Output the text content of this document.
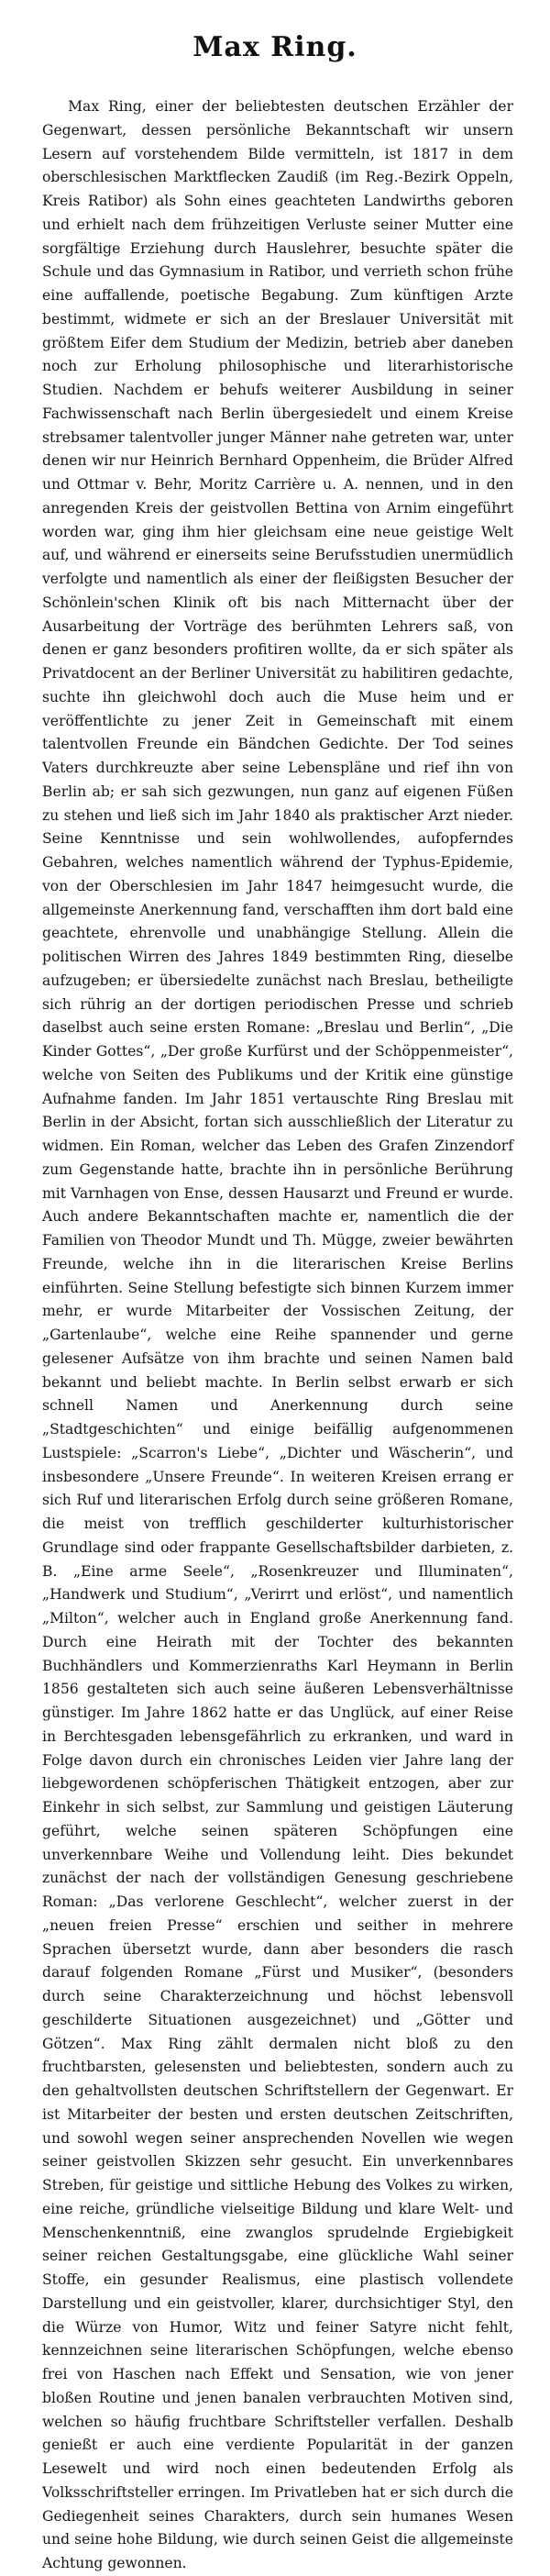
Max Ring.

Max Ring, einer der beliebtesten deutschen Erzähler der Gegenwart, dessen persönliche Bekanntschaft wir unsern Lesern auf vorstehendem Bilde vermitteln, ist 1817 in dem oberschlesischen Marktflecken Zaudiß (im Reg.-Bezirk Oppeln, Kreis Ratibor) als Sohn eines geachteten Landwirths geboren und erhielt nach dem frühzeitigen Verluste seiner Mutter eine sorgfältige Erziehung durch Hauslehrer, besuchte später die Schule und das Gymnasium in Ratibor, und verrieth schon frühe eine auffallende, poetische Begabung. Zum künftigen Arzte bestimmt, widmete er sich an der Breslauer Universität mit größtem Eifer dem Studium der Medizin, betrieb aber daneben noch zur Erholung philosophische und literarhistorische Studien. Nachdem er behufs weiterer Ausbildung in seiner Fachwissenschaft nach Berlin übergesiedelt und einem Kreise strebsamer talentvoller junger Männer nahe getreten war, unter denen wir nur Heinrich Bernhard Oppenheim, die Brüder Alfred und Ottmar v. Behr, Moritz Carrière u. A. nennen, und in den anregenden Kreis der geistvollen Bettina von Arnim eingeführt worden war, ging ihm hier gleichsam eine neue geistige Welt auf, und während er einerseits seine Berufsstudien unermüdlich verfolgte und namentlich als einer der fleißigsten Besucher der Schönlein'schen Klinik oft bis nach Mitternacht über der Ausarbeitung der Vorträge des berühmten Lehrers saß, von denen er ganz besonders profitiren wollte, da er sich später als Privatdocent an der Berliner Universität zu habilitiren gedachte, suchte ihn gleichwohl doch auch die Muse heim und er veröffentlichte zu jener Zeit in Gemeinschaft mit einem talentvollen Freunde ein Bändchen Gedichte. Der Tod seines Vaters durchkreuzte aber seine Lebenspläne und rief ihn von Berlin ab; er sah sich gezwungen, nun ganz auf eigenen Füßen zu stehen und ließ sich im Jahr 1840 als praktischer Arzt nieder. Seine Kenntnisse und sein wohlwollendes, aufopferndes Gebahren, welches namentlich während der Typhus-Epidemie, von der Oberschlesien im Jahr 1847 heimgesucht wurde, die allgemeinste Anerkennung fand, verschafften ihm dort bald eine geachtete, ehrenvolle und unabhängige Stellung. Allein die politischen Wirren des Jahres 1849 bestimmten Ring, dieselbe aufzugeben; er übersiedelte zunächst nach Breslau, betheiligte sich rührig an der dortigen periodischen Presse und schrieb daselbst auch seine ersten Romane: „Breslau und Berlin“, „Die Kinder Gottes“, „Der große Kurfürst und der Schöppenmeister“, welche von Seiten des Publikums und der Kritik eine günstige Aufnahme fanden. Im Jahr 1851 vertauschte Ring Breslau mit Berlin in der Absicht, fortan sich ausschließlich der Literatur zu widmen. Ein Roman, welcher das Leben des Grafen Zinzendorf zum Gegenstande hatte, brachte ihn in persönliche Berührung mit Varnhagen von Ense, dessen Hausarzt und Freund er wurde. Auch andere Bekanntschaften machte er, namentlich die der Familien von Theodor Mundt und Th. Mügge, zweier bewährten Freunde, welche ihn in die literarischen Kreise Berlins einführten. Seine Stellung befestigte sich binnen Kurzem immer mehr, er wurde Mitarbeiter der Vossischen Zeitung, der „Gartenlaube“, welche eine Reihe spannender und gerne gelesener Aufsätze von ihm brachte und seinen Namen bald bekannt und beliebt machte. In Berlin selbst erwarb er sich schnell Namen und Anerkennung durch seine „Stadtgeschichten“ und einige beifällig aufgenommenen Lustspiele: „Scarron's Liebe“, „Dichter und Wäscherin“, und insbesondere „Unsere Freunde“. In weiteren Kreisen errang er sich Ruf und literarischen Erfolg durch seine größeren Romane, die meist von trefflich geschilderter kulturhistorischer Grundlage sind oder frappante Gesellschaftsbilder darbieten, z. B. „Eine arme Seele“, „Rosenkreuzer und Illuminaten“, „Handwerk und Studium“, „Verirrt und erlöst“, und namentlich „Milton“, welcher auch in England große Anerkennung fand. Durch eine Heirath mit der Tochter des bekannten Buchhändlers und Kommerzienraths Karl Heymann in Berlin 1856 gestalteten sich auch seine äußeren Lebensverhältnisse günstiger. Im Jahre 1862 hatte er das Unglück, auf einer Reise in Berchtesgaden lebensgefährlich zu erkranken, und ward in Folge davon durch ein chronisches Leiden vier Jahre lang der liebgewordenen schöpferischen Thätigkeit entzogen, aber zur Einkehr in sich selbst, zur Sammlung und geistigen Läuterung geführt, welche seinen späteren Schöpfungen eine unverkennbare Weihe und Vollendung leiht. Dies bekundet zunächst der nach der vollständigen Genesung geschriebene Roman: „Das verlorene Geschlecht“, welcher zuerst in der „neuen freien Presse“ erschien und seither in mehrere Sprachen übersetzt wurde, dann aber besonders die rasch darauf folgenden Romane „Fürst und Musiker“, (besonders durch seine Charakterzeichnung und höchst lebensvoll geschilderte Situationen ausgezeichnet) und „Götter und Götzen“. Max Ring zählt dermalen nicht bloß zu den fruchtbarsten, gelesensten und beliebtesten, sondern auch zu den gehaltvollsten deutschen Schriftstellern der Gegenwart. Er ist Mitarbeiter der besten und ersten deutschen Zeitschriften, und sowohl wegen seiner ansprechenden Novellen wie wegen seiner geistvollen Skizzen sehr gesucht. Ein unverkennbares Streben, für geistige und sittliche Hebung des Volkes zu wirken, eine reiche, gründliche vielseitige Bildung und klare Welt- und Menschenkenntniß, eine zwanglos sprudelnde Ergiebigkeit seiner reichen Gestaltungsgabe, eine glückliche Wahl seiner Stoffe, ein gesunder Realismus, eine plastisch vollendete Darstellung und ein geistvoller, klarer, durchsichtiger Styl, den die Würze von Humor, Witz und feiner Satyre nicht fehlt, kennzeichnen seine literarischen Schöpfungen, welche ebenso frei von Haschen nach Effekt und Sensation, wie von jener bloßen Routine und jenen banalen verbrauchten Motiven sind, welchen so häufig fruchtbare Schriftsteller verfallen. Deshalb genießt er auch eine verdiente Popularität in der ganzen Lesewelt und wird noch einen bedeutenden Erfolg als Volksschriftsteller erringen. Im Privatleben hat er sich durch die Gediegenheit seines Charakters, durch sein humanes Wesen und seine hohe Bildung, wie durch seinen Geist die allgemeinste Achtung gewonnen.
